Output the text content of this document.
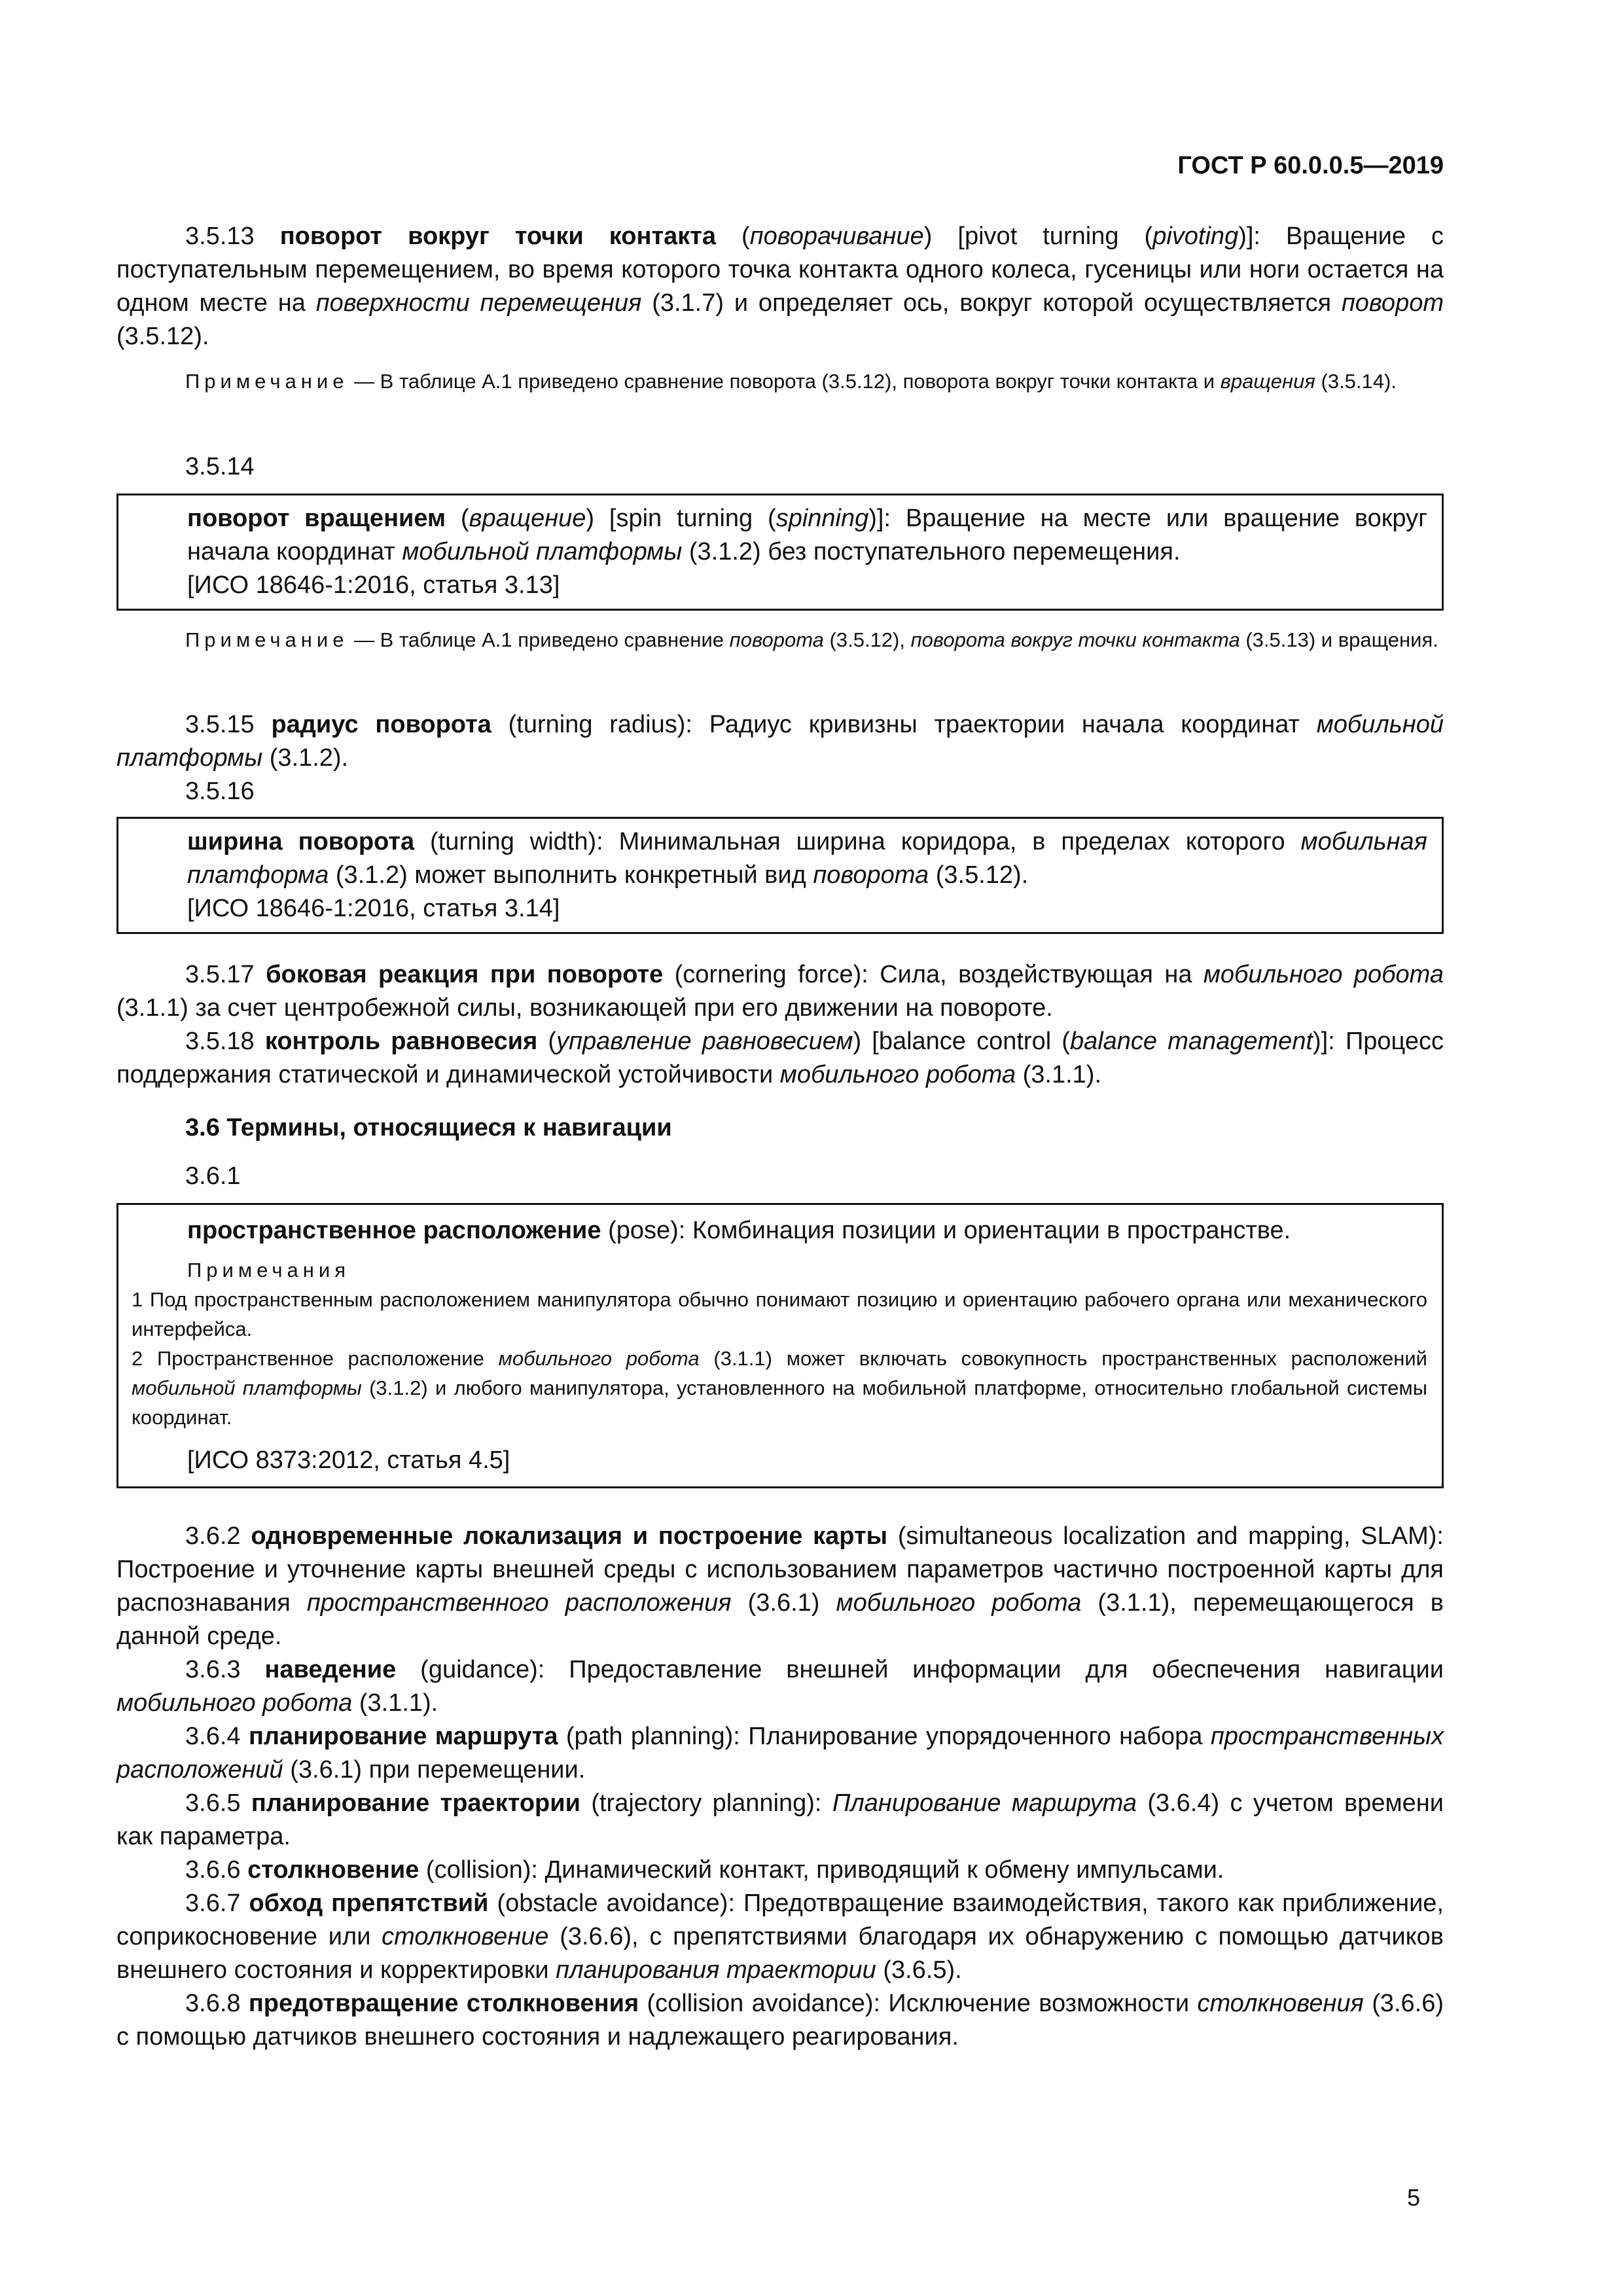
ГОСТ Р 60.0.0.5—2019

3.5.13 поворот вокруг точки контакта (поворачивание) [pivot turning (pivoting)]: Вращение с поступательным перемещением, во время которого точка контакта одного колеса, гусеницы или ноги остается на одном месте на поверхности перемещения (3.1.7) и определяет ось, вокруг которой осуществляется поворот (3.5.12).

Примечание — В таблице А.1 приведено сравнение поворота (3.5.12), поворота вокруг точки контакта и вращения (3.5.14).

3.5.14

поворот вращением (вращение) [spin turning (spinning)]: Вращение на месте или вращение вокруг начала координат мобильной платформы (3.1.2) без поступательного перемещения.

[ИСО 18646-1:2016, статья 3.13]

Примечание — В таблице А.1 приведено сравнение поворота (3.5.12), поворота вокруг точки контакта (3.5.13) и вращения.

3.5.15 радиус поворота (turning radius): Радиус кривизны траектории начала координат мобильной платформы (3.1.2).

3.5.16

ширина поворота (turning width): Минимальная ширина коридора, в пределах которого мобильная платформа (3.1.2) может выполнить конкретный вид поворота (3.5.12).

[ИСО 18646-1:2016, статья 3.14]

3.5.17 боковая реакция при повороте (cornering force): Сила, воздействующая на мобильного робота (3.1.1) за счет центробежной силы, возникающей при его движении на повороте.

3.5.18 контроль равновесия (управление равновесием) [balance control (balance management)]: Процесс поддержания статической и динамической устойчивости мобильного робота (3.1.1).

3.6 Термины, относящиеся к навигации

3.6.1

пространственное расположение (pose): Комбинация позиции и ориентации в пространстве.

Примечания

1 Под пространственным расположением манипулятора обычно понимают позицию и ориентацию рабочего органа или механического интерфейса.

2 Пространственное расположение мобильного робота (3.1.1) может включать совокупность пространственных расположений мобильной платформы (3.1.2) и любого манипулятора, установленного на мобильной платформе, относительно глобальной системы координат.

[ИСО 8373:2012, статья 4.5]

3.6.2 одновременные локализация и построение карты (simultaneous localization and mapping, SLAM): Построение и уточнение карты внешней среды с использованием параметров частично построенной карты для распознавания пространственного расположения (3.6.1) мобильного робота (3.1.1), перемещающегося в данной среде.

3.6.3 наведение (guidance): Предоставление внешней информации для обеспечения навигации мобильного робота (3.1.1).

3.6.4 планирование маршрута (path planning): Планирование упорядоченного набора пространственных расположений (3.6.1) при перемещении.

3.6.5 планирование траектории (trajectory planning): Планирование маршрута (3.6.4) с учетом времени как параметра.

3.6.6 столкновение (collision): Динамический контакт, приводящий к обмену импульсами.

3.6.7 обход препятствий (obstacle avoidance): Предотвращение взаимодействия, такого как приближение, соприкосновение или столкновение (3.6.6), с препятствиями благодаря их обнаружению с помощью датчиков внешнего состояния и корректировки планирования траектории (3.6.5).

3.6.8 предотвращение столкновения (collision avoidance): Исключение возможности столкновения (3.6.6) с помощью датчиков внешнего состояния и надлежащего реагирования.

5
